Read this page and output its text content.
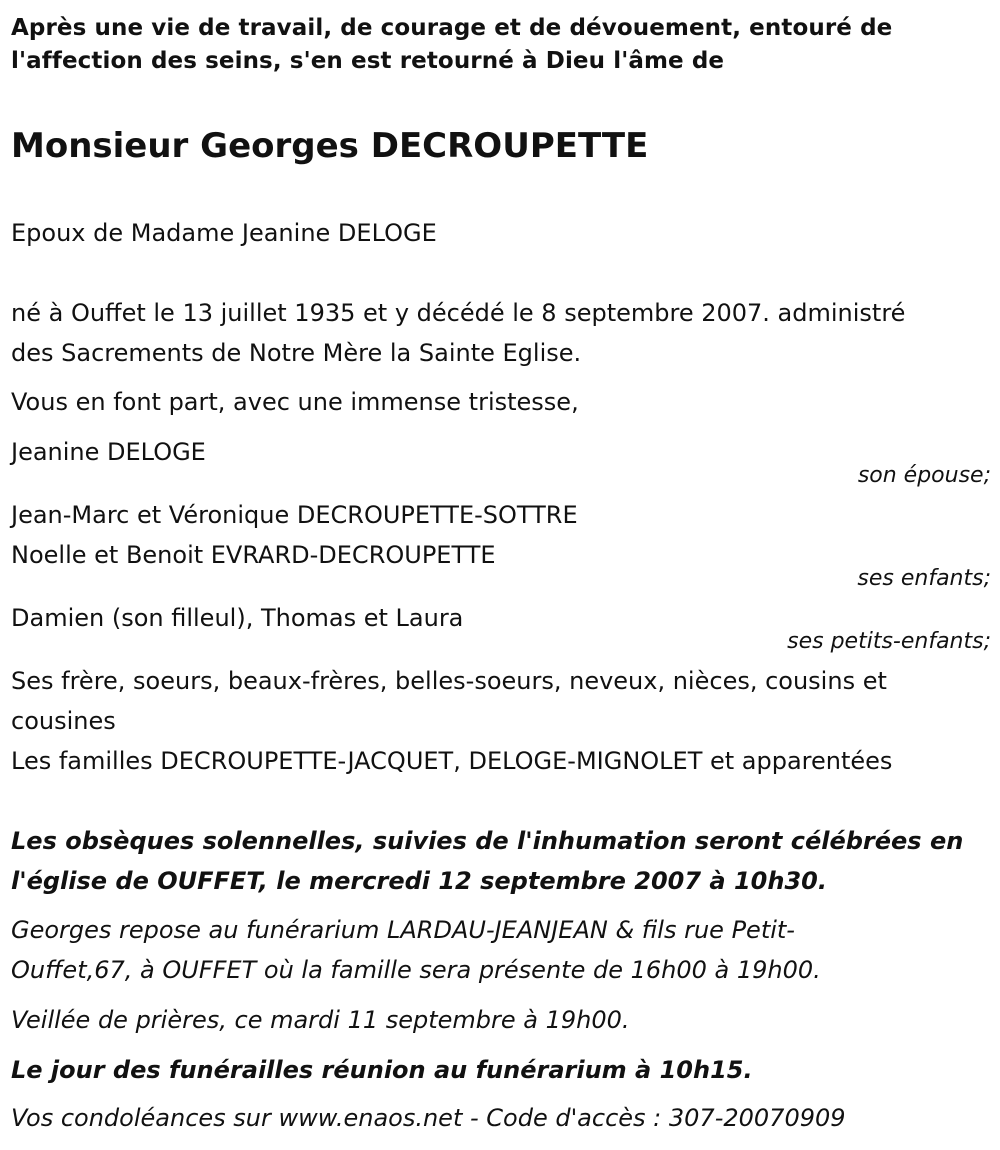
Après une vie de travail, de courage et de dévouement, entouré de
l'affection des seins, s'en est retourné à Dieu l'âme de
Monsieur Georges DECROUPETTE
Epoux de Madame Jeanine DELOGE
né à Ouffet le 13 juillet 1935 et y décédé le 8 septembre 2007. administré
des Sacrements de Notre Mère la Sainte Eglise.
Vous en font part, avec une immense tristesse,
Jeanine DELOGE
son épouse;
Jean-Marc et Véronique DECROUPETTE-SOTTRE
Noelle et Benoit EVRARD-DECROUPETTE
ses enfants;
Damien (son filleul), Thomas et Laura
ses petits-enfants;
Ses frère, soeurs, beaux-frères, belles-soeurs, neveux, nièces, cousins et
cousines
Les familles DECROUPETTE-JACQUET, DELOGE-MIGNOLET et apparentées
Les obsèques solennelles, suivies de l'inhumation seront célébrées en
l'église de OUFFET, le mercredi 12 septembre 2007 à 10h30.
Georges repose au funérarium LARDAU-JEANJEAN & fils rue Petit-
Ouffet,67, à OUFFET où la famille sera présente de 16h00 à 19h00.
Veillée de prières, ce mardi 11 septembre à 19h00.
Le jour des funérailles réunion au funérarium à 10h15.
Vos condoléances sur www.enaos.net - Code d'accès : 307-20070909
